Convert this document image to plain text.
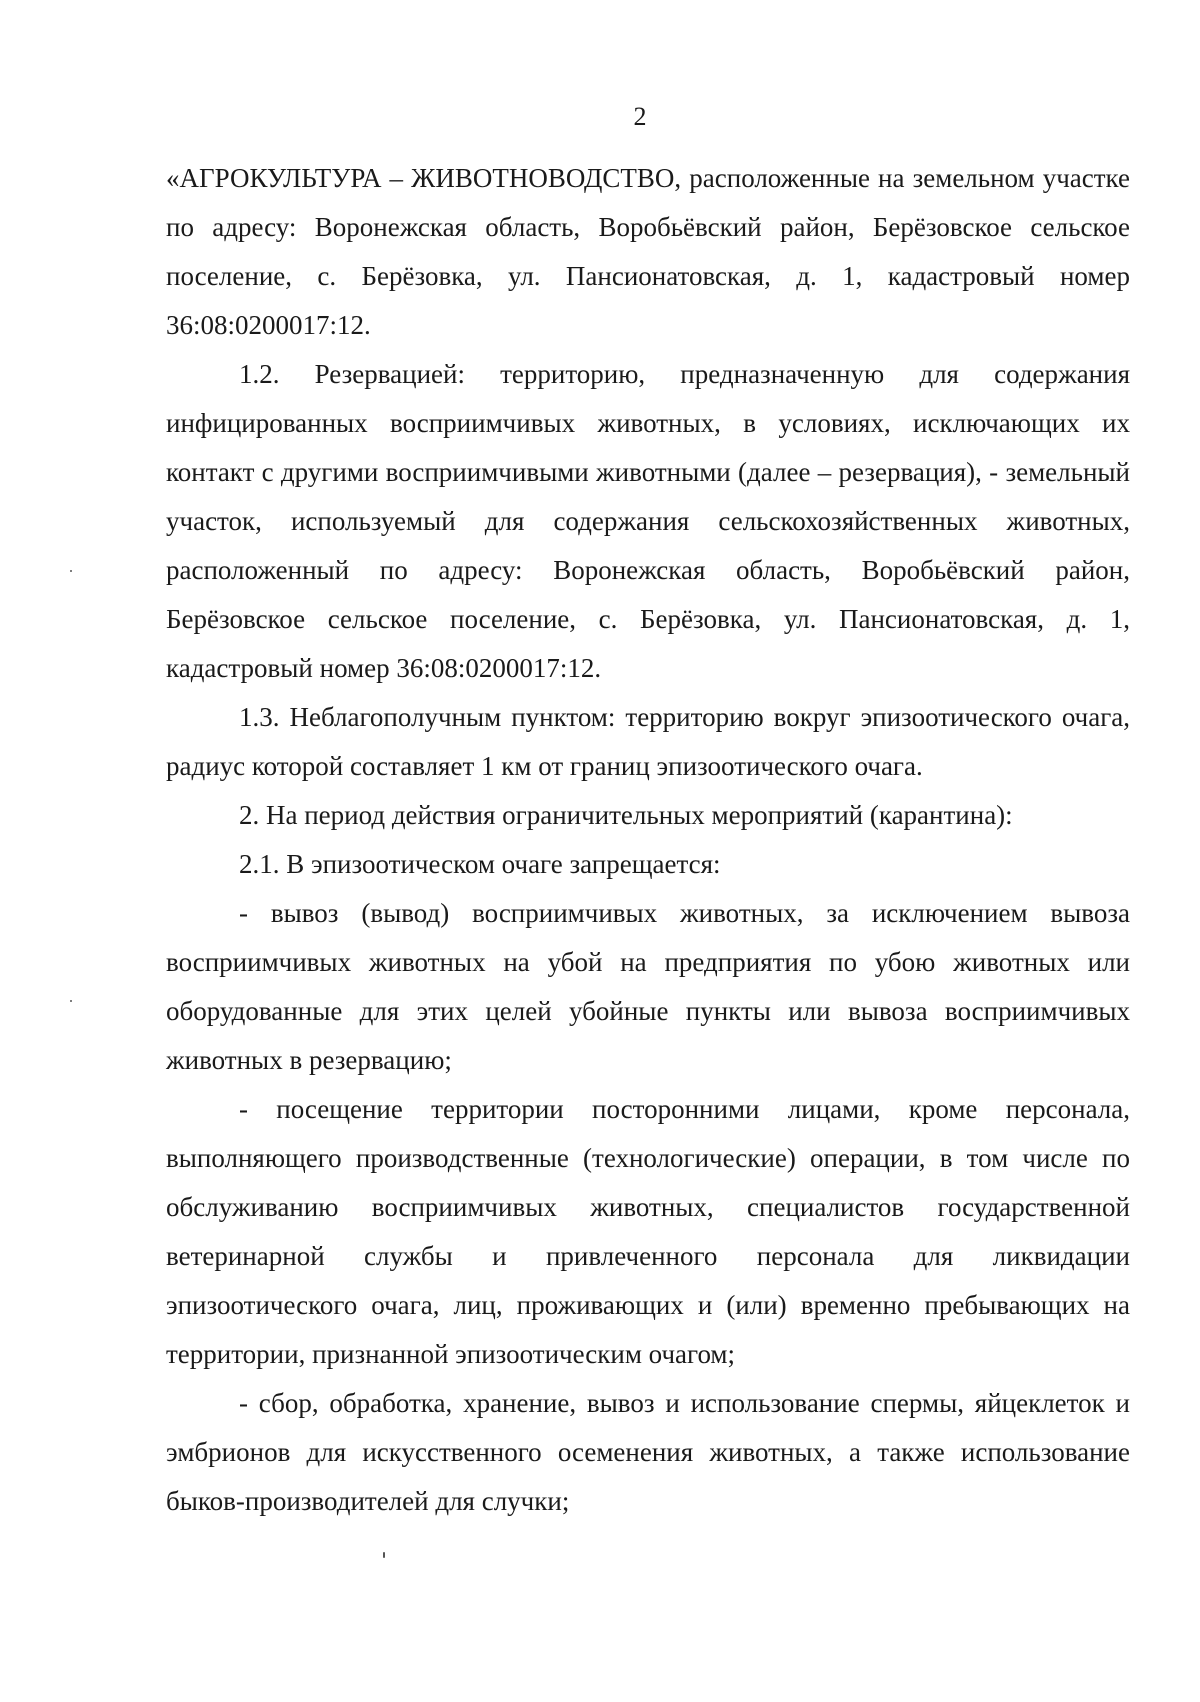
2

«АГРОКУЛЬТУРА – ЖИВОТНОВОДСТВО, расположенные на земельном участке по адресу: Воронежская область, Воробьёвский район, Берёзовское сельское поселение, с. Берёзовка, ул. Пансионатовская, д. 1, кадастровый номер 36:08:0200017:12.

1.2. Резервацией: территорию, предназначенную для содержания инфицированных восприимчивых животных, в условиях, исключающих их контакт с другими восприимчивыми животными (далее – резервация), - земельный участок, используемый для содержания сельскохозяйственных животных, расположенный по адресу: Воронежская область, Воробьёвский район, Берёзовское сельское поселение, с. Берёзовка, ул. Пансионатовская, д. 1, кадастровый номер 36:08:0200017:12.

1.3. Неблагополучным пунктом: территорию вокруг эпизоотического очага, радиус которой составляет 1 км от границ эпизоотического очага.

2. На период действия ограничительных мероприятий (карантина):

2.1. В эпизоотическом очаге запрещается:

- вывоз (вывод) восприимчивых животных, за исключением вывоза восприимчивых животных на убой на предприятия по убою животных или оборудованные для этих целей убойные пункты или вывоза восприимчивых животных в резервацию;

- посещение территории посторонними лицами, кроме персонала, выполняющего производственные (технологические) операции, в том числе по обслуживанию восприимчивых животных, специалистов государственной ветеринарной службы и привлеченного персонала для ликвидации эпизоотического очага, лиц, проживающих и (или) временно пребывающих на территории, признанной эпизоотическим очагом;

- сбор, обработка, хранение, вывоз и использование спермы, яйцеклеток и эмбрионов для искусственного осеменения животных, а также использование быков-производителей для случки;
